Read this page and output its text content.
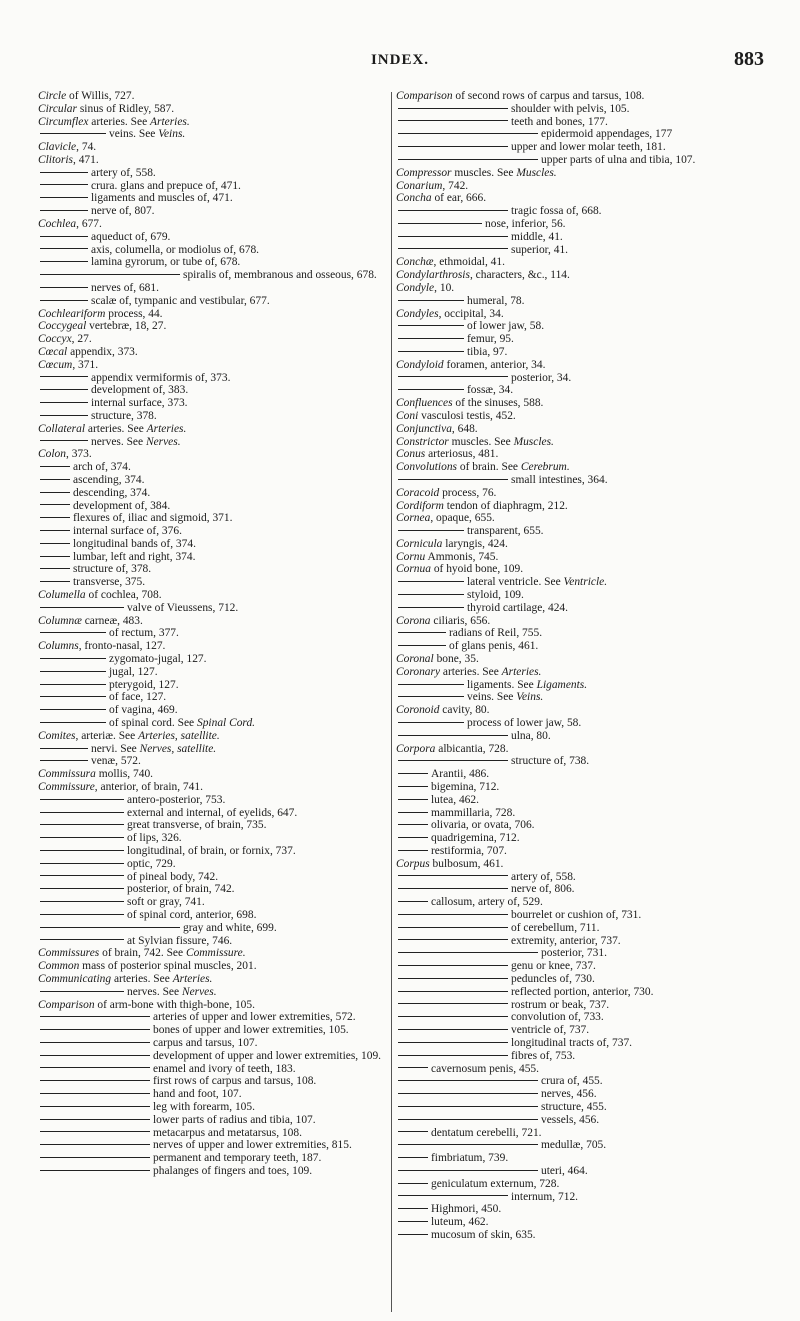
INDEX.	883
Circle of Willis, 727.
Circular sinus of Ridley, 587.
Circumflex arteries. See Arteries.
veins. See Veins.
Clavicle, 74.
Clitoris, 471.
artery of, 558.
crura. glans and prepuce of, 471.
ligaments and muscles of, 471.
nerve of, 807.
Cochlea, 677.
aqueduct of, 679.
axis, columella, or modiolus of, 678.
lamina gyrorum, or tube of, 678.
spiralis of, membranous and osseous, 678.
nerves of, 681.
scalæ of, tympanic and vestibular, 677.
Cochleariform process, 44.
Coccygeal vertebræ, 18, 27.
Coccyx, 27.
Cœcal appendix, 373.
Cœcum, 371.
appendix vermiformis of, 373.
development of, 383.
internal surface, 373.
structure, 378.
Collateral arteries. See Arteries.
nerves. See Nerves.
Colon, 373.
arch of, 374.
ascending, 374.
descending, 374.
development of, 384.
flexures of, iliac and sigmoid, 371.
internal surface of, 376.
longitudinal bands of, 374.
lumbar, left and right, 374.
structure of, 378.
transverse, 375.
Columella of cochlea, 708.
valve of Vieussens, 712.
Columnæ carneæ, 483.
of rectum, 377.
Columns, fronto-nasal, 127.
zygomato-jugal, 127.
jugal, 127.
pterygoid, 127.
of face, 127.
of vagina, 469.
of spinal cord. See Spinal Cord.
Comites, arteriæ. See Arteries, satellite.
nervi. See Nerves, satellite.
venæ, 572.
Commissura mollis, 740.
Commissure, anterior, of brain, 741.
antero-posterior, 753.
external and internal, of eyelids, 647.
great transverse, of brain, 735.
of lips, 326.
longitudinal, of brain, or fornix, 737.
optic, 729.
of pineal body, 742.
posterior, of brain, 742.
soft or gray, 741.
of spinal cord, anterior, 698.
gray and white, 699.
at Sylvian fissure, 746.
Commissures of brain, 742. See Commissure.
Common mass of posterior spinal muscles, 201.
Communicating arteries. See Arteries.
nerves. See Nerves.
Comparison of arm-bone with thigh-bone, 105.
arteries of upper and lower extremities, 572.
bones of upper and lower extremities, 105.
carpus and tarsus, 107.
development of upper and lower extremities, 109.
enamel and ivory of teeth, 183.
first rows of carpus and tarsus, 108.
hand and foot, 107.
leg with forearm, 105.
lower parts of radius and tibia, 107.
metacarpus and metatarsus, 108.
nerves of upper and lower extremities, 815.
permanent and temporary teeth, 187.
phalanges of fingers and toes, 109.
Comparison of second rows of carpus and tarsus, 108.
shoulder with pelvis, 105.
teeth and bones, 177.
epidermoid appendages, 177
upper and lower molar teeth, 181.
upper parts of ulna and tibia, 107.
Compressor muscles. See Muscles.
Conarium, 742.
Concha of ear, 666.
tragic fossa of, 668.
nose, inferior, 56.
middle, 41.
superior, 41.
Conchæ, ethmoidal, 41.
Condylarthrosis, characters, &c., 114.
Condyle, 10.
humeral, 78.
Condyles, occipital, 34.
of lower jaw, 58.
femur, 95.
tibia, 97.
Condyloid foramen, anterior, 34.
posterior, 34.
fossæ, 34.
Confluences of the sinuses, 588.
Coni vasculosi testis, 452.
Conjunctiva, 648.
Constrictor muscles. See Muscles.
Conus arteriosus, 481.
Convolutions of brain. See Cerebrum.
small intestines, 364.
Coracoid process, 76.
Cordiform tendon of diaphragm, 212.
Cornea, opaque, 655.
transparent, 655.
Cornicula laryngis, 424.
Cornu Ammonis, 745.
Cornua of hyoid bone, 109.
lateral ventricle. See Ventricle.
styloid, 109.
thyroid cartilage, 424.
Corona ciliaris, 656.
radians of Reil, 755.
of glans penis, 461.
Coronal bone, 35.
Coronary arteries. See Arteries.
ligaments. See Ligaments.
veins. See Veins.
Coronoid cavity, 80.
process of lower jaw, 58.
ulna, 80.
Corpora albicantia, 728.
structure of, 738.
Arantii, 486.
bigemina, 712.
lutea, 462.
mammillaria, 728.
olivaria, or ovata, 706.
quadrigemina, 712.
restiformia, 707.
Corpus bulbosum, 461.
artery of, 558.
nerve of, 806.
callosum, artery of, 529.
bourrelet or cushion of, 731.
of cerebellum, 711.
extremity, anterior, 737.
posterior, 731.
genu or knee, 737.
peduncles of, 730.
reflected portion, anterior, 730.
rostrum or beak, 737.
convolution of, 733.
ventricle of, 737.
longitudinal tracts of, 737.
fibres of, 753.
cavernosum penis, 455.
crura of, 455.
nerves, 456.
structure, 455.
vessels, 456.
dentatum cerebelli, 721.
medullæ, 705.
fimbriatum, 739.
uteri, 464.
geniculatum externum, 728.
internum, 712.
Highmori, 450.
luteum, 462.
mucosum of skin, 635.
